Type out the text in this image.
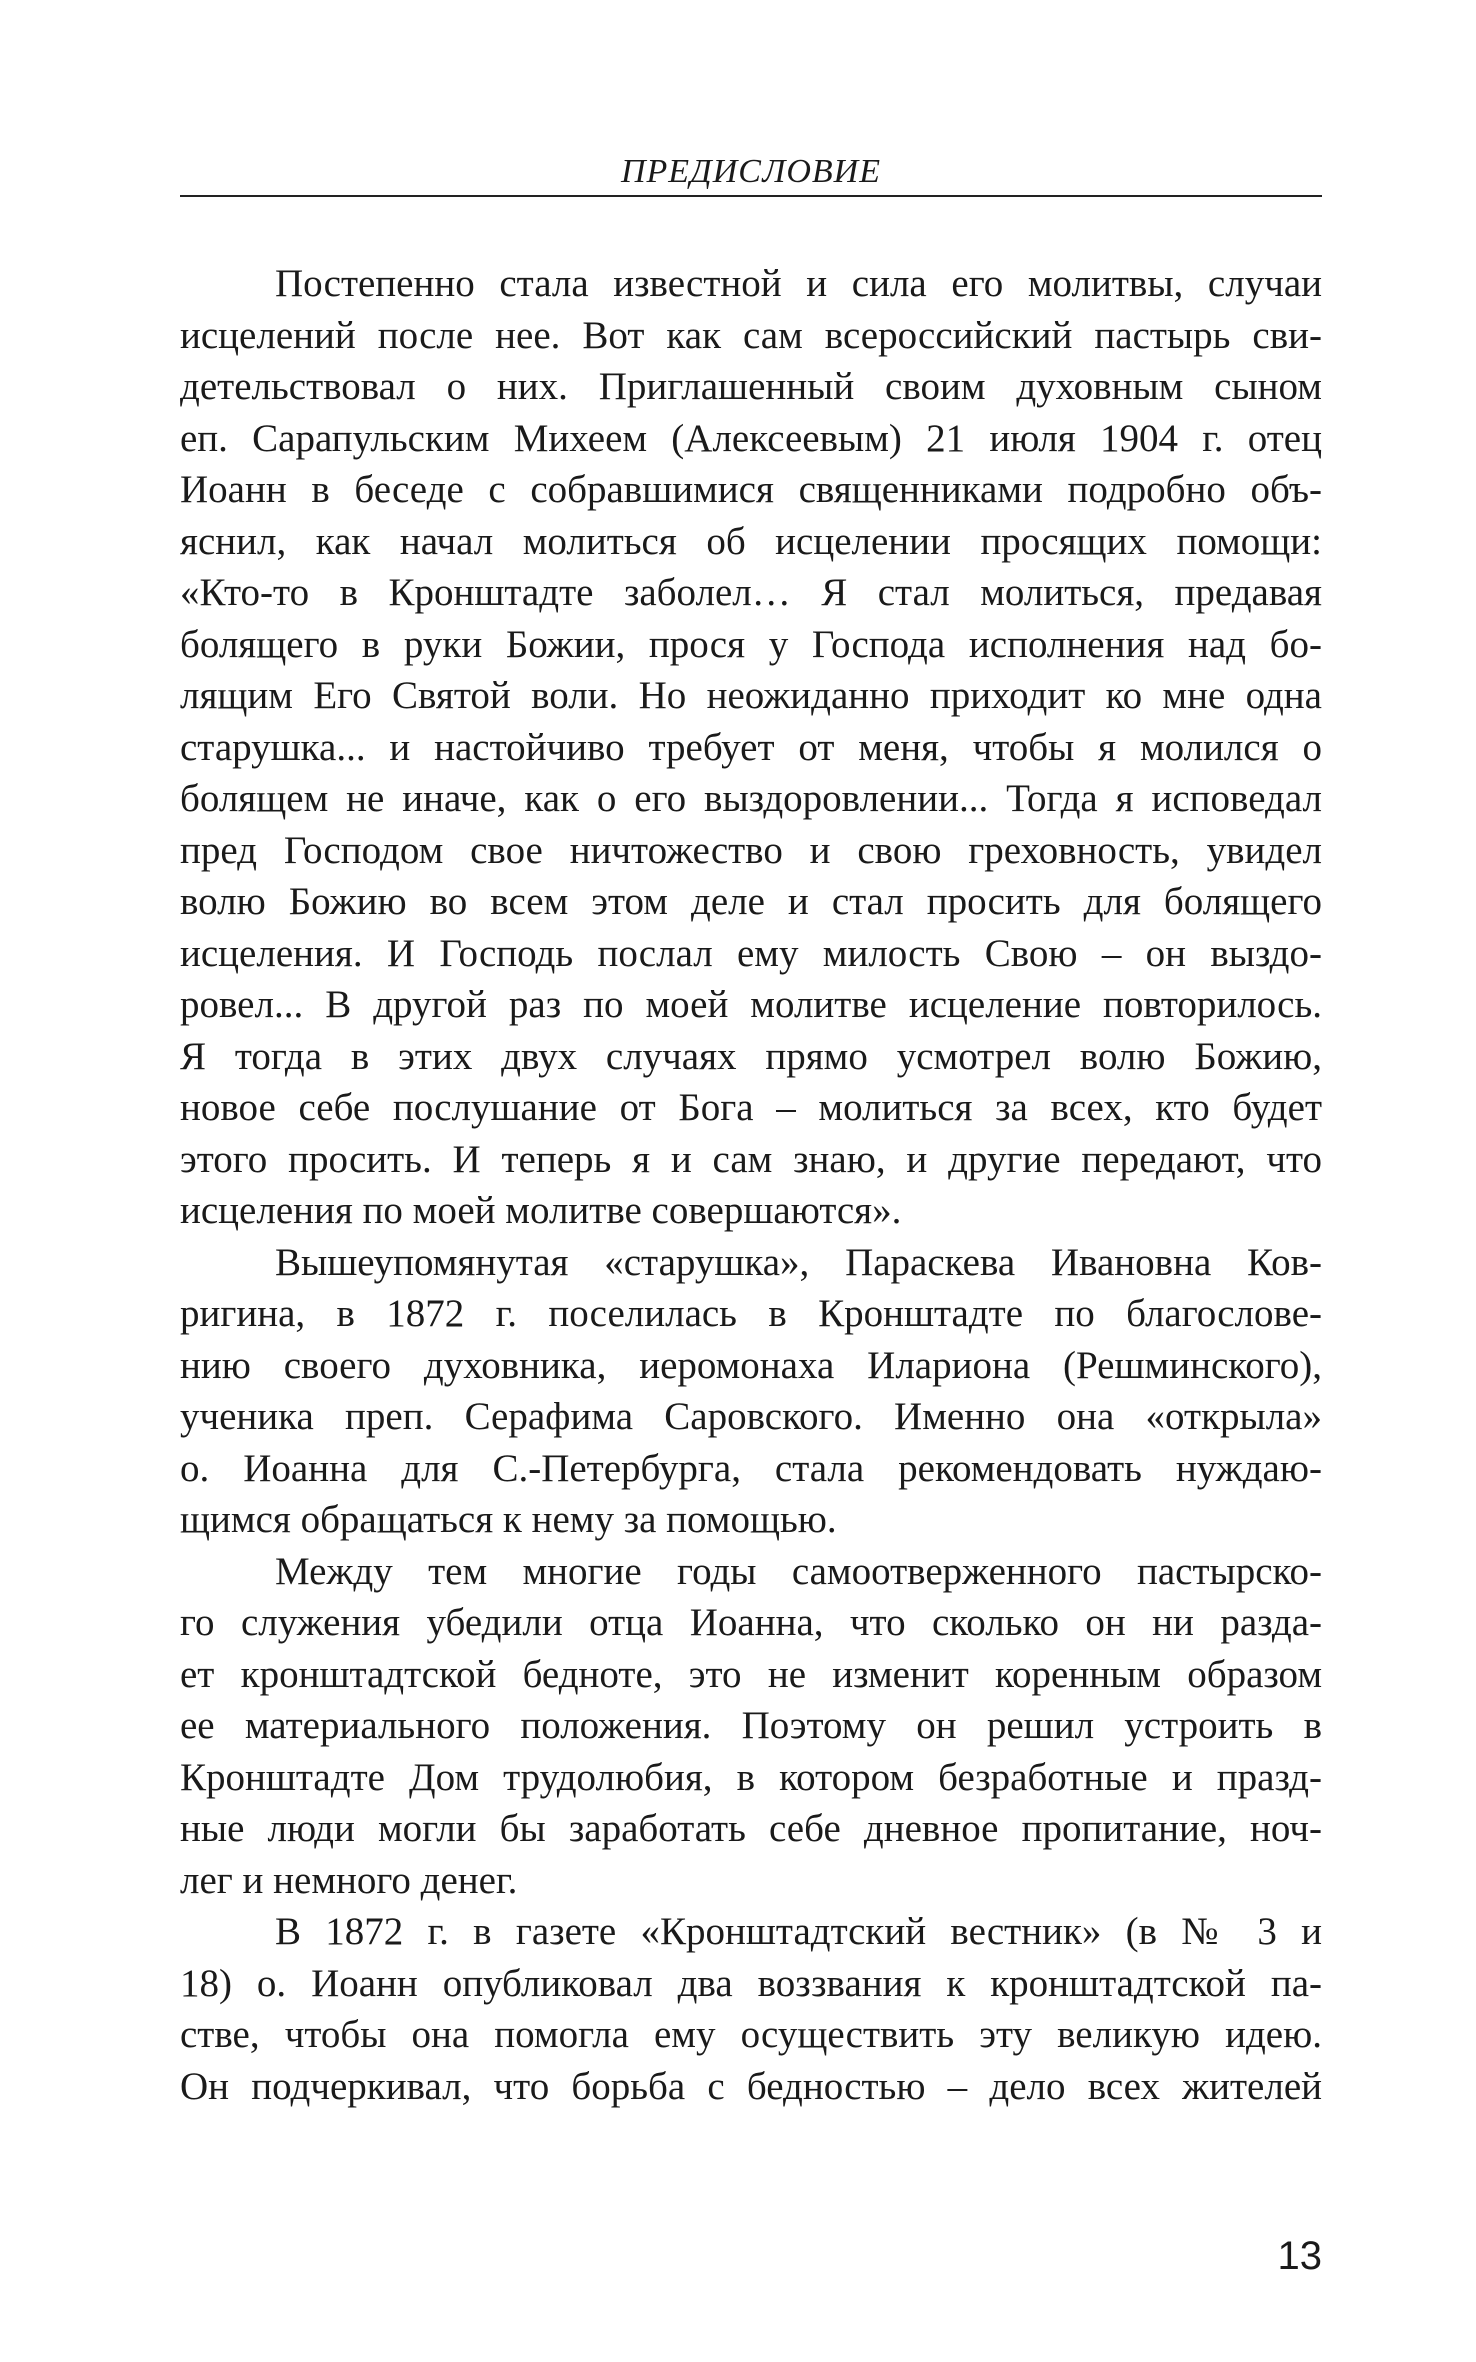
ПРЕДИСЛОВИЕ
Постепенно стала известной и сила его молитвы, случаи
исцелений после нее. Вот как сам всероссийский пастырь сви-
детельствовал о них. Приглашенный своим духовным сыном
еп. Сарапульским Михеем (Алексеевым) 21 июля 1904 г. отец
Иоанн в беседе с собравшимися священниками подробно объ-
яснил, как начал молиться об исцелении просящих помощи:
«Кто-то в Кронштадте заболел… Я стал молиться, предавая
болящего в руки Божии, прося у Господа исполнения над бо-
лящим Его Святой воли. Но неожиданно приходит ко мне одна
старушка... и настойчиво требует от меня, чтобы я молился о
болящем не иначе, как о его выздоровлении... Тогда я исповедал
пред Господом свое ничтожество и свою греховность, увидел
волю Божию во всем этом деле и стал просить для болящего
исцеления. И Господь послал ему милость Свою – он выздо-
ровел... В другой раз по моей молитве исцеление повторилось.
Я тогда в этих двух случаях прямо усмотрел волю Божию,
новое себе послушание от Бога – молиться за всех, кто будет
этого просить. И теперь я и сам знаю, и другие передают, что
исцеления по моей молитве совершаются».
Вышеупомянутая «старушка», Параскева Ивановна Ков-
ригина, в 1872 г. поселилась в Кронштадте по благослове-
нию своего духовника, иеромонаха Илариона (Решминского),
ученика преп. Серафима Саровского. Именно она «открыла»
о. Иоанна для С.-Петербурга, стала рекомендовать нуждаю-
щимся обращаться к нему за помощью.
Между тем многие годы самоотверженного пастырско-
го служения убедили отца Иоанна, что сколько он ни разда-
ет кронштадтской бедноте, это не изменит коренным образом
ее материального положения. Поэтому он решил устроить в
Кронштадте Дом трудолюбия, в котором безработные и празд-
ные люди могли бы заработать себе дневное пропитание, ноч-
лег и немного денег.
В 1872 г. в газете «Кронштадтский вестник» (в № 3 и
18) о. Иоанн опубликовал два воззвания к кронштадтской па-
стве, чтобы она помогла ему осуществить эту великую идею.
Он подчеркивал, что борьба с бедностью – дело всех жителей
13
